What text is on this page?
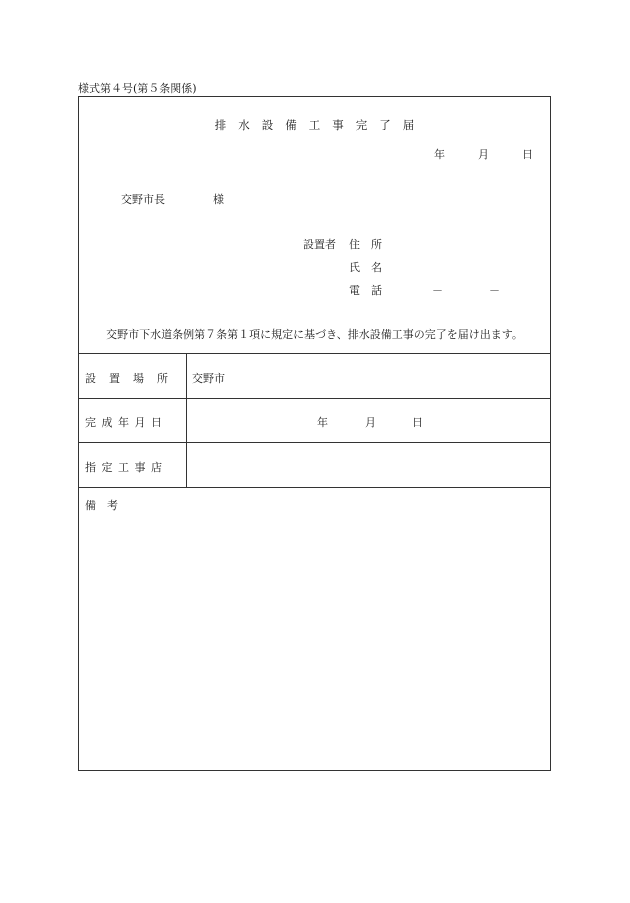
様式第４号(第５条関係)
排水設備工事完了届
年	月	日
交野市長	様
設置者 住　所
氏　名
電　話	－	－
交野市下水道条例第７条第１項に規定に基づき、排水設備工事の完了を届け出ます。
設　置　場　所 交野市
完 成 年 月 日	年	月	日
指 定 工 事 店
備　考
